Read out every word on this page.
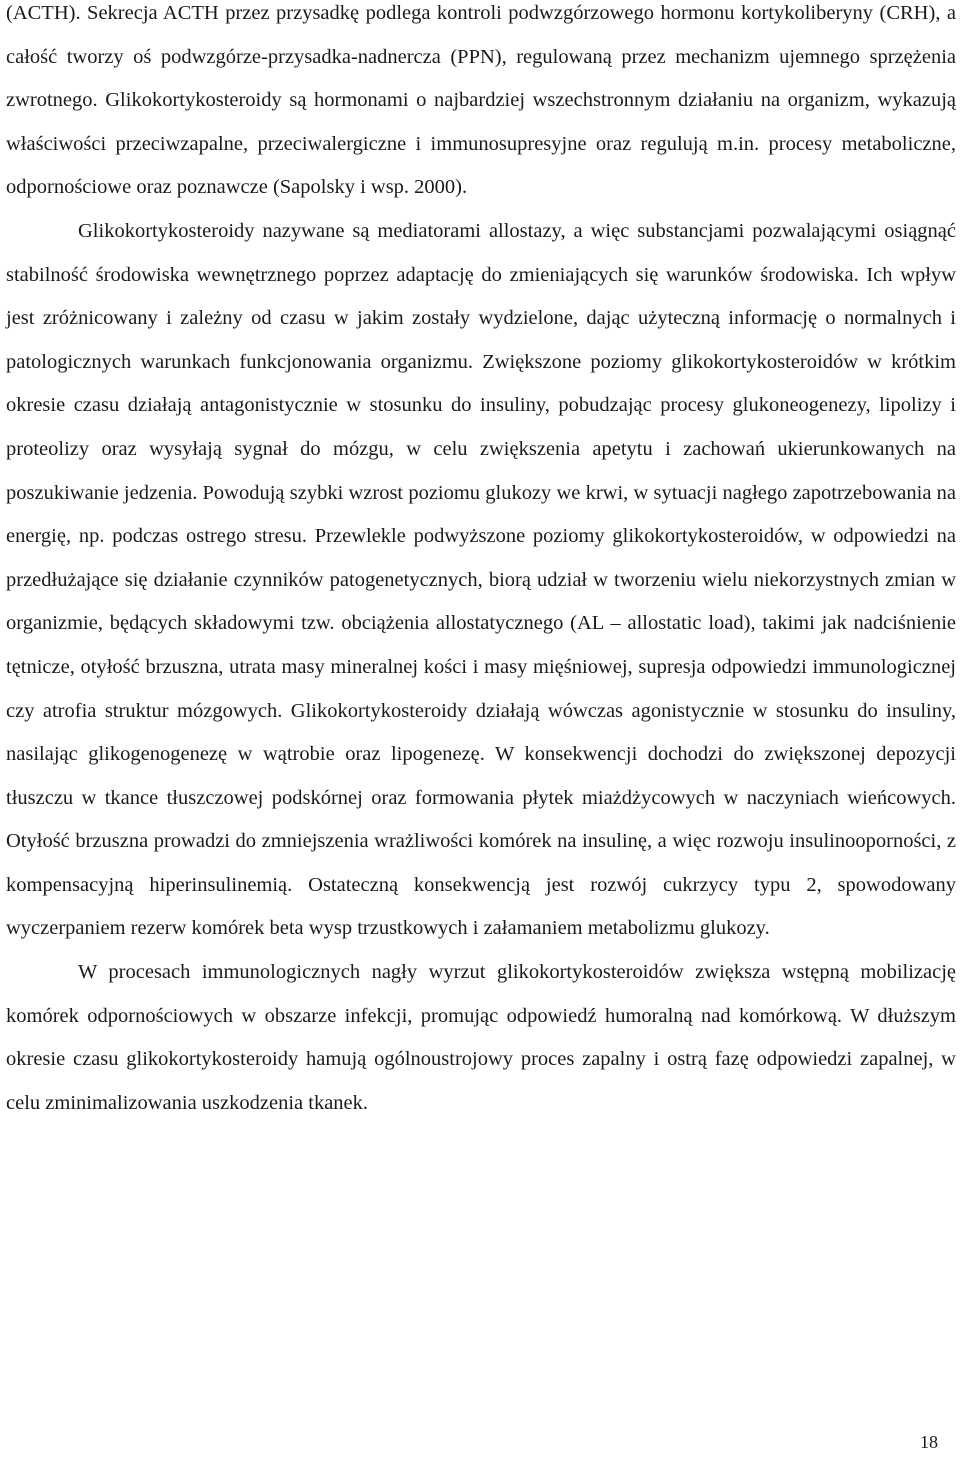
(ACTH). Sekrecja ACTH przez przysadkę podlega kontroli podwzgórzowego hormonu kortykoliberyny (CRH), a całość tworzy oś podwzgórze-przysadka-nadnercza (PPN), regulowaną przez mechanizm ujemnego sprzężenia zwrotnego. Glikokortykosteroidy są hormonami o najbardziej wszechstronnym działaniu na organizm, wykazują właściwości przeciwzapalne, przeciwalergiczne i immunosupresyjne oraz regulują m.in. procesy metaboliczne, odpornościowe oraz poznawcze (Sapolsky i wsp. 2000).

Glikokortykosteroidy nazywane są mediatorami allostazy, a więc substancjami pozwalającymi osiągnąć stabilność środowiska wewnętrznego poprzez adaptację do zmieniających się warunków środowiska. Ich wpływ jest zróżnicowany i zależny od czasu w jakim zostały wydzielone, dając użyteczną informację o normalnych i patologicznych warunkach funkcjonowania organizmu. Zwiększone poziomy glikokortykosteroidów w krótkim okresie czasu działają antagonistycznie w stosunku do insuliny, pobudzając procesy glukoneogenezy, lipolizy i proteolizy oraz wysyłają sygnał do mózgu, w celu zwiększenia apetytu i zachowań ukierunkowanych na poszukiwanie jedzenia. Powodują szybki wzrost poziomu glukozy we krwi, w sytuacji nagłego zapotrzebowania na energię, np. podczas ostrego stresu. Przewlekle podwyższone poziomy glikokortykosteroidów, w odpowiedzi na przedłużające się działanie czynników patogenetycznych, biorą udział w tworzeniu wielu niekorzystnych zmian w organizmie, będących składowymi tzw. obciążenia allostatycznego (AL – allostatic load), takimi jak nadciśnienie tętnicze, otyłość brzuszna, utrata masy mineralnej kości i masy mięśniowej, supresja odpowiedzi immunologicznej czy atrofia struktur mózgowych. Glikokortykosteroidy działają wówczas agonistycznie w stosunku do insuliny, nasilając glikogenogenezę w wątrobie oraz lipogenezę. W konsekwencji dochodzi do zwiększonej depozycji tłuszczu w tkance tłuszczowej podskórnej oraz formowania płytek miażdżycowych w naczyniach wieńcowych. Otyłość brzuszna prowadzi do zmniejszenia wrażliwości komórek na insulinę, a więc rozwoju insulinooporności, z kompensacyjną hiperinsulinemią. Ostateczną konsekwencją jest rozwój cukrzycy typu 2, spowodowany wyczerpaniem rezerw komórek beta wysp trzustkowych i załamaniem metabolizmu glukozy.

W procesach immunologicznych nagły wyrzut glikokortykosteroidów zwiększa wstępną mobilizację komórek odpornościowych w obszarze infekcji, promując odpowiedź humoralną nad komórkową. W dłuższym okresie czasu glikokortykosteroidy hamują ogólnoustrojowy proces zapalny i ostrą fazę odpowiedzi zapalnej, w celu zminimalizowania uszkodzenia tkanek.

18
